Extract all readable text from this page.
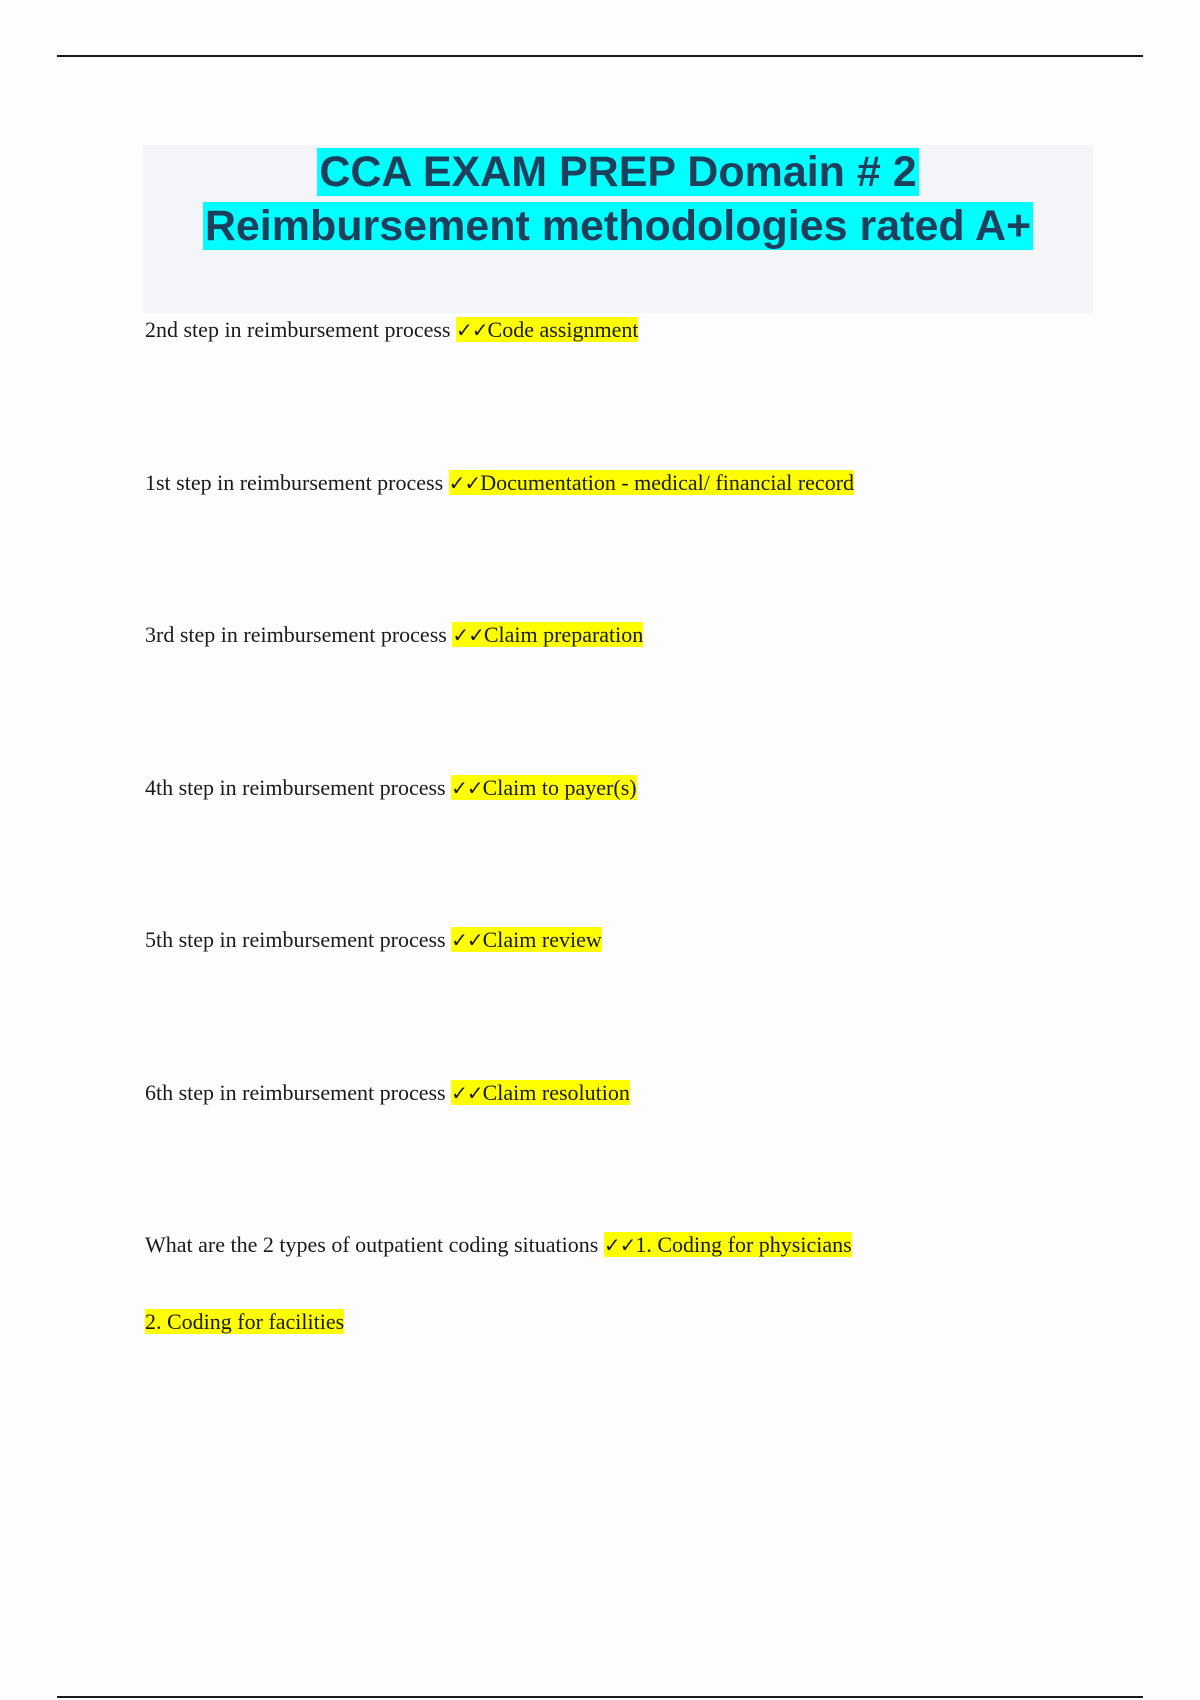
CCA EXAM PREP Domain # 2
Reimbursement methodologies rated A+
2nd step in reimbursement process ✓✓Code assignment
1st step in reimbursement process ✓✓Documentation - medical/ financial record
3rd step in reimbursement process ✓✓Claim preparation
4th step in reimbursement process ✓✓Claim to payer(s)
5th step in reimbursement process ✓✓Claim review
6th step in reimbursement process ✓✓Claim resolution
What are the 2 types of outpatient coding situations ✓✓1. Coding for physicians
2. Coding for facilities
